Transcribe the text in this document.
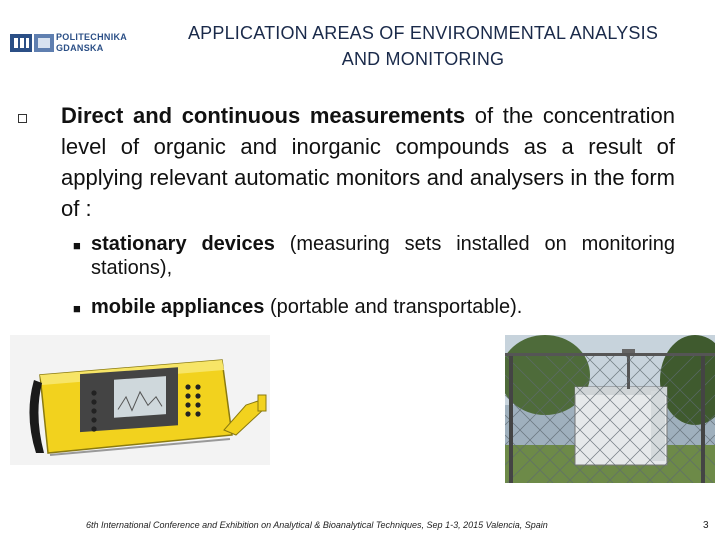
POLITECHNIKA
GDANSKA
APPLICATION AREAS OF ENVIRONMENTAL ANALYSIS
AND MONITORING
Direct and continuous measurements of the concentration level of organic and inorganic compounds as a result of applying relevant automatic monitors and analysers in the form of :
■ stationary devices (measuring sets installed on monitoring stations),
■ mobile appliances (portable and transportable).
6th International Conference and Exhibition on Analytical & Bioanalytical Techniques, Sep 1-3, 2015 Valencia, Spain	3
